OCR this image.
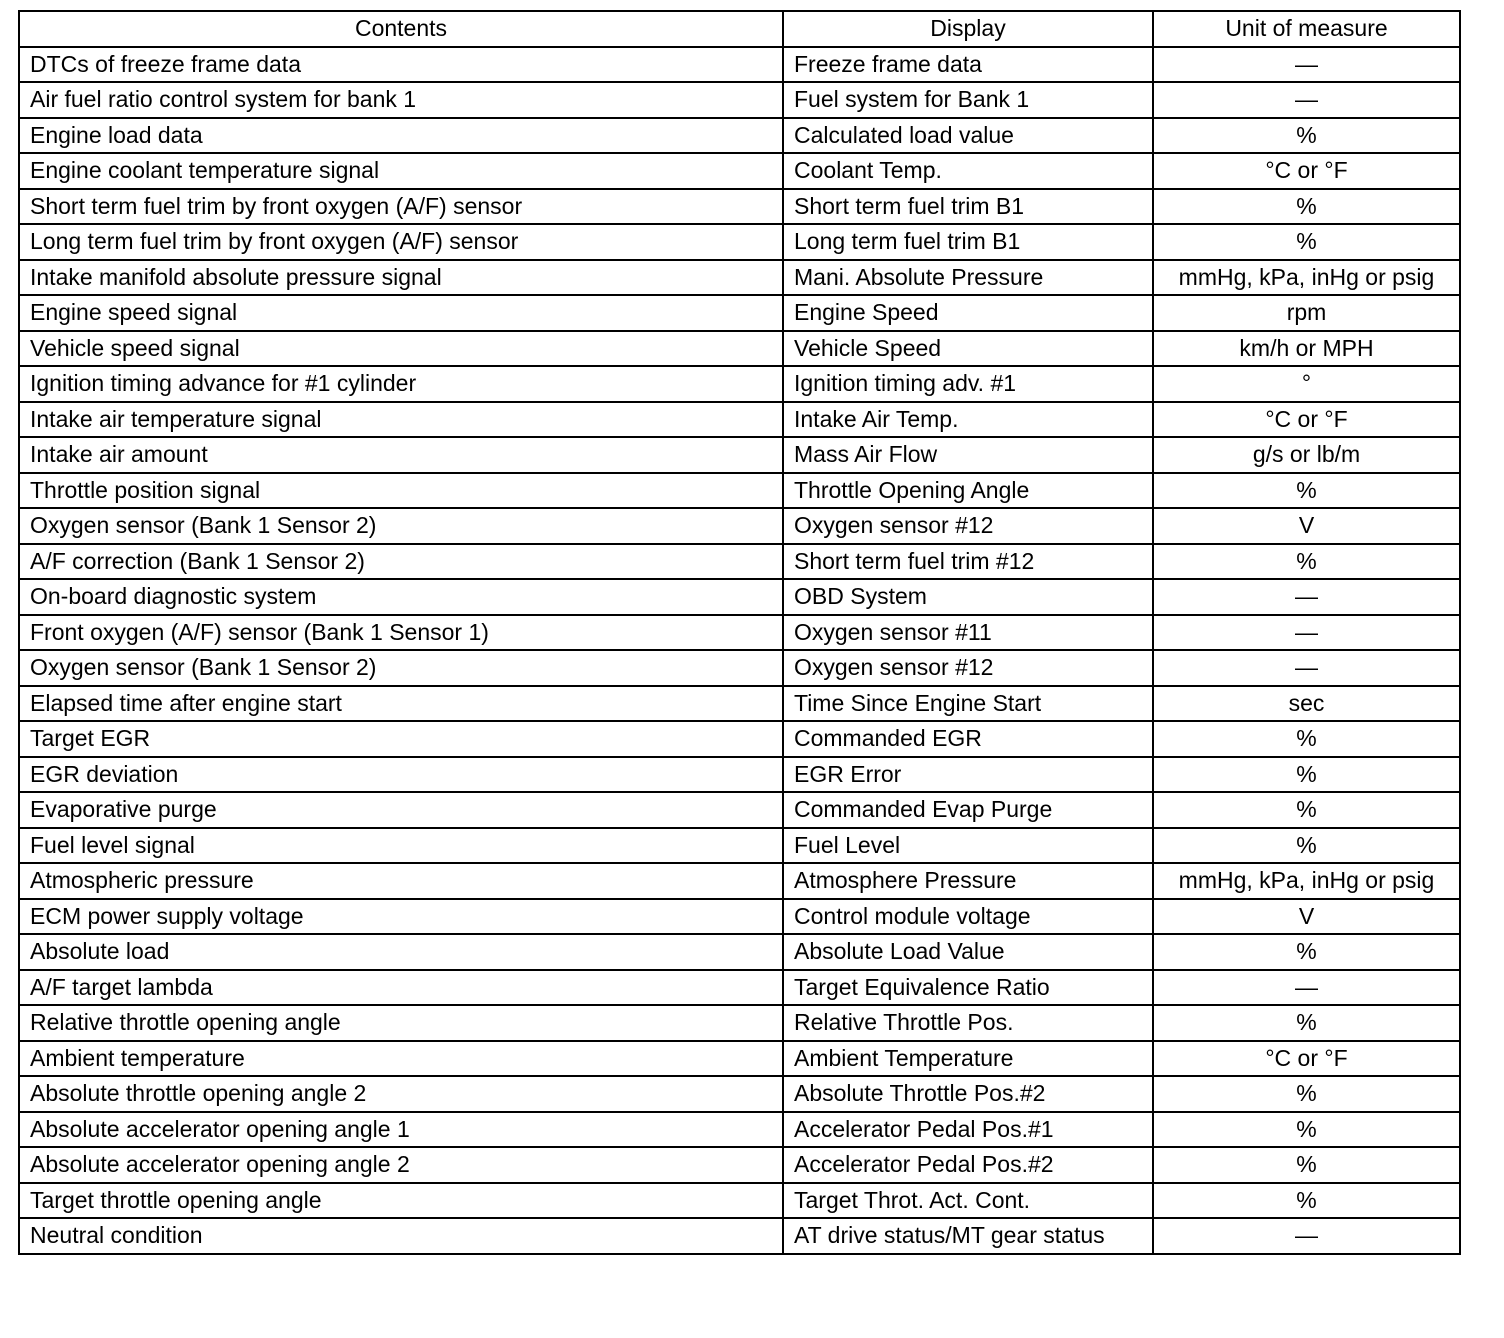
Contents	Display	Unit of measure
DTCs of freeze frame data	Freeze frame data	—
Air fuel ratio control system for bank 1	Fuel system for Bank 1	—
Engine load data	Calculated load value	%
Engine coolant temperature signal	Coolant Temp.	°C or °F
Short term fuel trim by front oxygen (A/F) sensor	Short term fuel trim B1	%
Long term fuel trim by front oxygen (A/F) sensor	Long term fuel trim B1	%
Intake manifold absolute pressure signal	Mani. Absolute Pressure	mmHg, kPa, inHg or psig
Engine speed signal	Engine Speed	rpm
Vehicle speed signal	Vehicle Speed	km/h or MPH
Ignition timing advance for #1 cylinder	Ignition timing adv. #1	°
Intake air temperature signal	Intake Air Temp.	°C or °F
Intake air amount	Mass Air Flow	g/s or lb/m
Throttle position signal	Throttle Opening Angle	%
Oxygen sensor (Bank 1 Sensor 2)	Oxygen sensor #12	V
A/F correction (Bank 1 Sensor 2)	Short term fuel trim #12	%
On-board diagnostic system	OBD System	—
Front oxygen (A/F) sensor (Bank 1 Sensor 1)	Oxygen sensor #11	—
Oxygen sensor (Bank 1 Sensor 2)	Oxygen sensor #12	—
Elapsed time after engine start	Time Since Engine Start	sec
Target EGR	Commanded EGR	%
EGR deviation	EGR Error	%
Evaporative purge	Commanded Evap Purge	%
Fuel level signal	Fuel Level	%
Atmospheric pressure	Atmosphere Pressure	mmHg, kPa, inHg or psig
ECM power supply voltage	Control module voltage	V
Absolute load	Absolute Load Value	%
A/F target lambda	Target Equivalence Ratio	—
Relative throttle opening angle	Relative Throttle Pos.	%
Ambient temperature	Ambient Temperature	°C or °F
Absolute throttle opening angle 2	Absolute Throttle Pos.#2	%
Absolute accelerator opening angle 1	Accelerator Pedal Pos.#1	%
Absolute accelerator opening angle 2	Accelerator Pedal Pos.#2	%
Target throttle opening angle	Target Throt. Act. Cont.	%
Neutral condition	AT drive status/MT gear status	—
